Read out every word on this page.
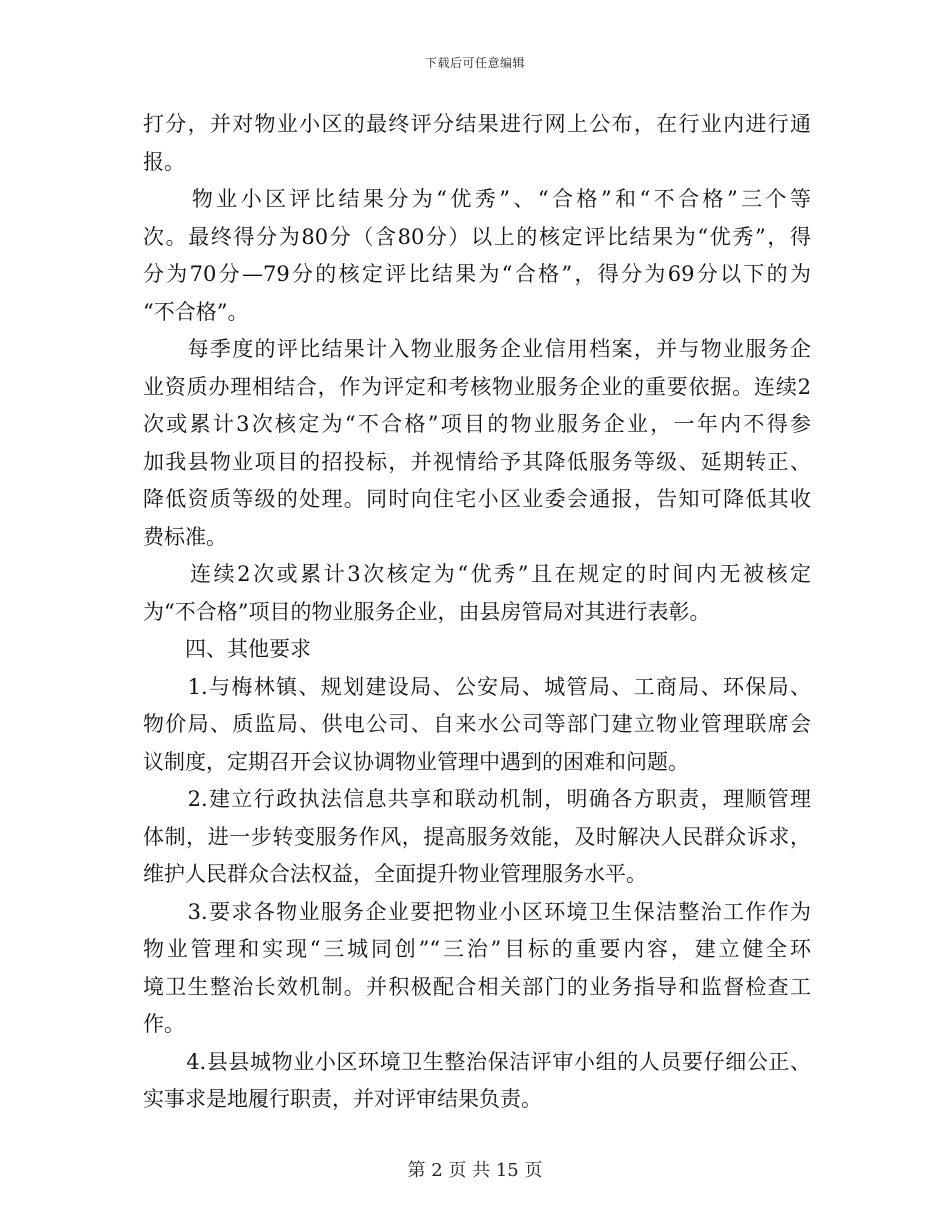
下载后可任意编辑
打分，并对物业小区的最终评分结果进行网上公布，在行业内进行通
报。
　　物业小区评比结果分为“优秀”、“合格”和“不合格”三个等
次。最终得分为80分（含80分）以上的核定评比结果为“优秀”，得
分为70分—79分的核定评比结果为“合格”，得分为69分以下的为
“不合格”。
　　每季度的评比结果计入物业服务企业信用档案，并与物业服务企
业资质办理相结合，作为评定和考核物业服务企业的重要依据。连续2
次或累计3次核定为“不合格”项目的物业服务企业，一年内不得参
加我县物业项目的招投标，并视情给予其降低服务等级、延期转正、
降低资质等级的处理。同时向住宅小区业委会通报，告知可降低其收
费标准。
　　连续2次或累计3次核定为“优秀”且在规定的时间内无被核定
为“不合格”项目的物业服务企业，由县房管局对其进行表彰。
　　四、其他要求
　　1.与梅林镇、规划建设局、公安局、城管局、工商局、环保局、
物价局、质监局、供电公司、自来水公司等部门建立物业管理联席会
议制度，定期召开会议协调物业管理中遇到的困难和问题。
　　2.建立行政执法信息共享和联动机制，明确各方职责，理顺管理
体制，进一步转变服务作风，提高服务效能，及时解决人民群众诉求，
维护人民群众合法权益，全面提升物业管理服务水平。
　　3.要求各物业服务企业要把物业小区环境卫生保洁整治工作作为
物业管理和实现“三城同创”“三治”目标的重要内容，建立健全环
境卫生整治长效机制。并积极配合相关部门的业务指导和监督检查工
作。
　　4.县县城物业小区环境卫生整治保洁评审小组的人员要仔细公正、
实事求是地履行职责，并对评审结果负责。
第 2 页 共 15 页
